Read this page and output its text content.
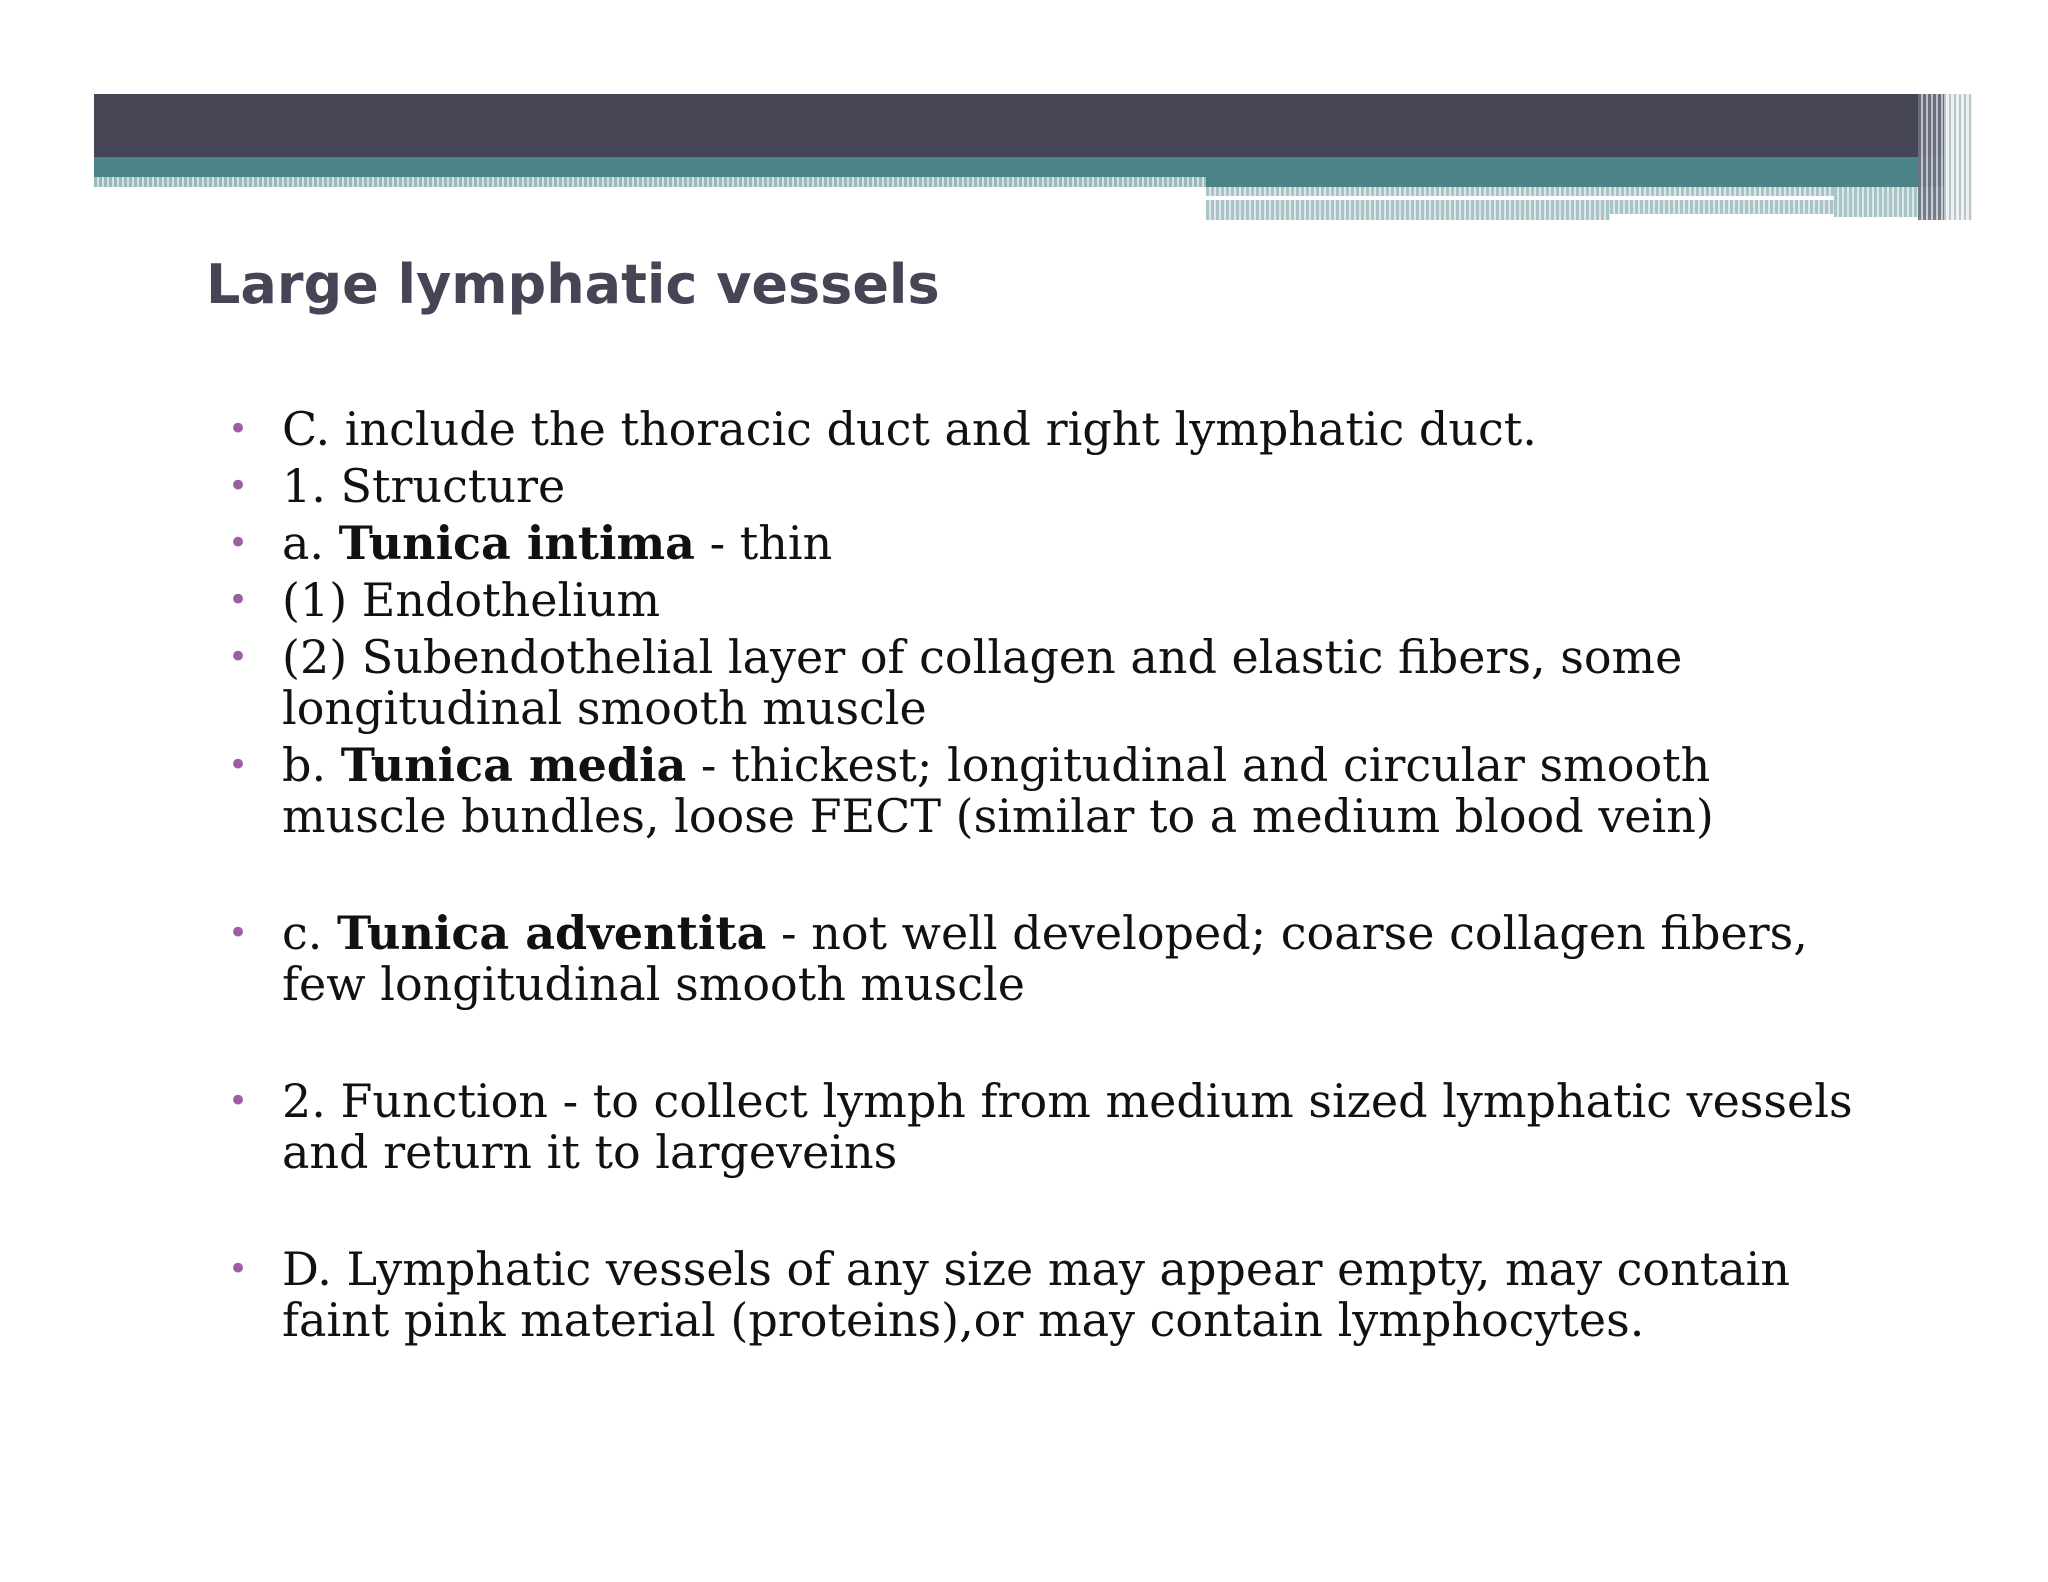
Large lymphatic vessels
• C. include the thoracic duct and right lymphatic duct.
• 1. Structure
• a. Tunica intima - thin
• (1) Endothelium
• (2) Subendothelial layer of collagen and elastic fibers, some longitudinal smooth muscle
• b. Tunica media - thickest; longitudinal and circular smooth muscle bundles, loose FECT (similar to a medium blood vein)
• c. Tunica adventita - not well developed; coarse collagen fibers, few longitudinal smooth muscle
• 2. Function - to collect lymph from medium sized lymphatic vessels and return it to largeveins
• D. Lymphatic vessels of any size may appear empty, may contain faint pink material (proteins),or may contain lymphocytes.
